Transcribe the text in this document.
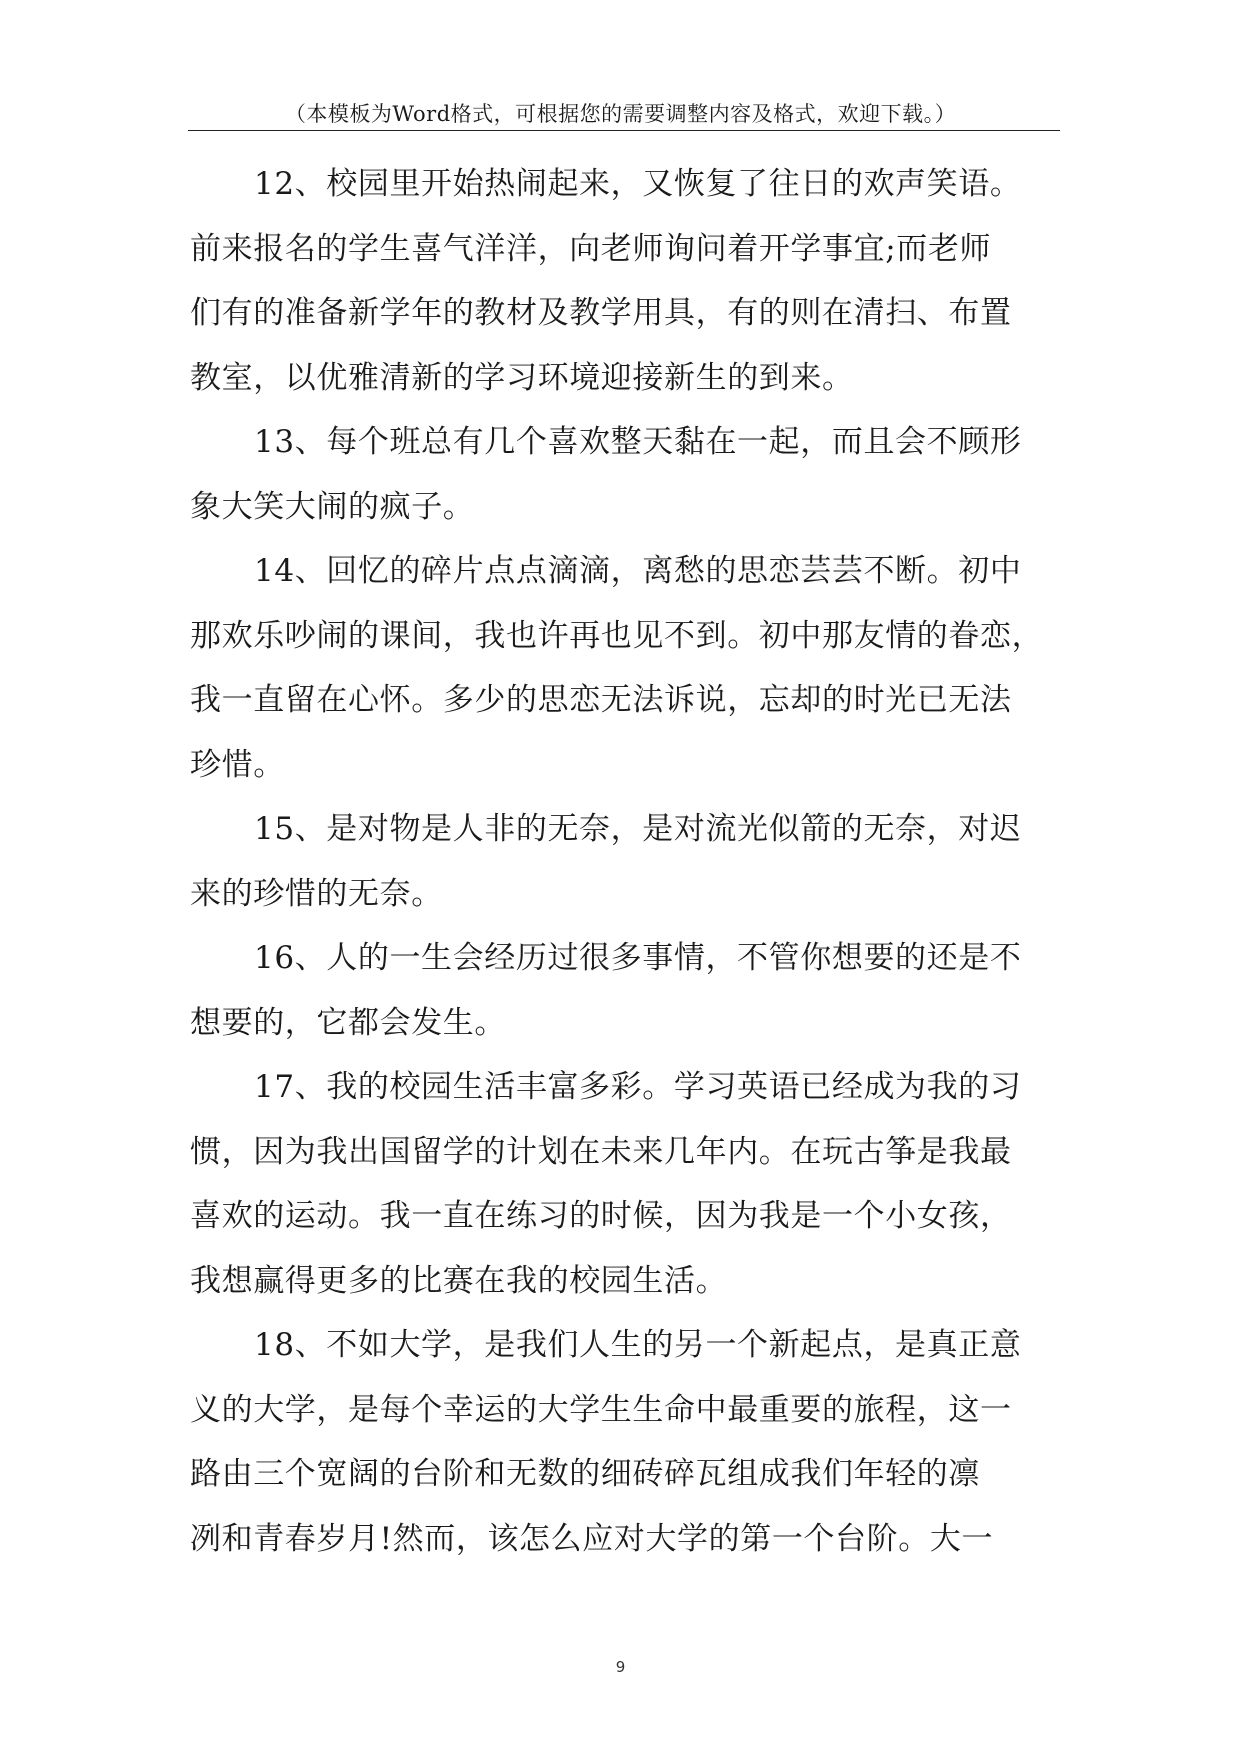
（本模板为Word格式，可根据您的需要调整内容及格式，欢迎下载。）
12、校园里开始热闹起来，又恢复了往日的欢声笑语。
前来报名的学生喜气洋洋，向老师询问着开学事宜;而老师
们有的准备新学年的教材及教学用具，有的则在清扫、布置
教室，以优雅清新的学习环境迎接新生的到来。
13、每个班总有几个喜欢整天黏在一起，而且会不顾形
象大笑大闹的疯子。
14、回忆的碎片点点滴滴，离愁的思恋芸芸不断。初中
那欢乐吵闹的课间，我也许再也见不到。初中那友情的眷恋，
我一直留在心怀。多少的思恋无法诉说，忘却的时光已无法
珍惜。
15、是对物是人非的无奈，是对流光似箭的无奈，对迟
来的珍惜的无奈。
16、人的一生会经历过很多事情，不管你想要的还是不
想要的，它都会发生。
17、我的校园生活丰富多彩。学习英语已经成为我的习
惯，因为我出国留学的计划在未来几年内。在玩古筝是我最
喜欢的运动。我一直在练习的时候，因为我是一个小女孩，
我想赢得更多的比赛在我的校园生活。
18、不如大学，是我们人生的另一个新起点，是真正意
义的大学，是每个幸运的大学生生命中最重要的旅程，这一
路由三个宽阔的台阶和无数的细砖碎瓦组成我们年轻的凛
冽和青春岁月!然而，该怎么应对大学的第一个台阶。大一
9
